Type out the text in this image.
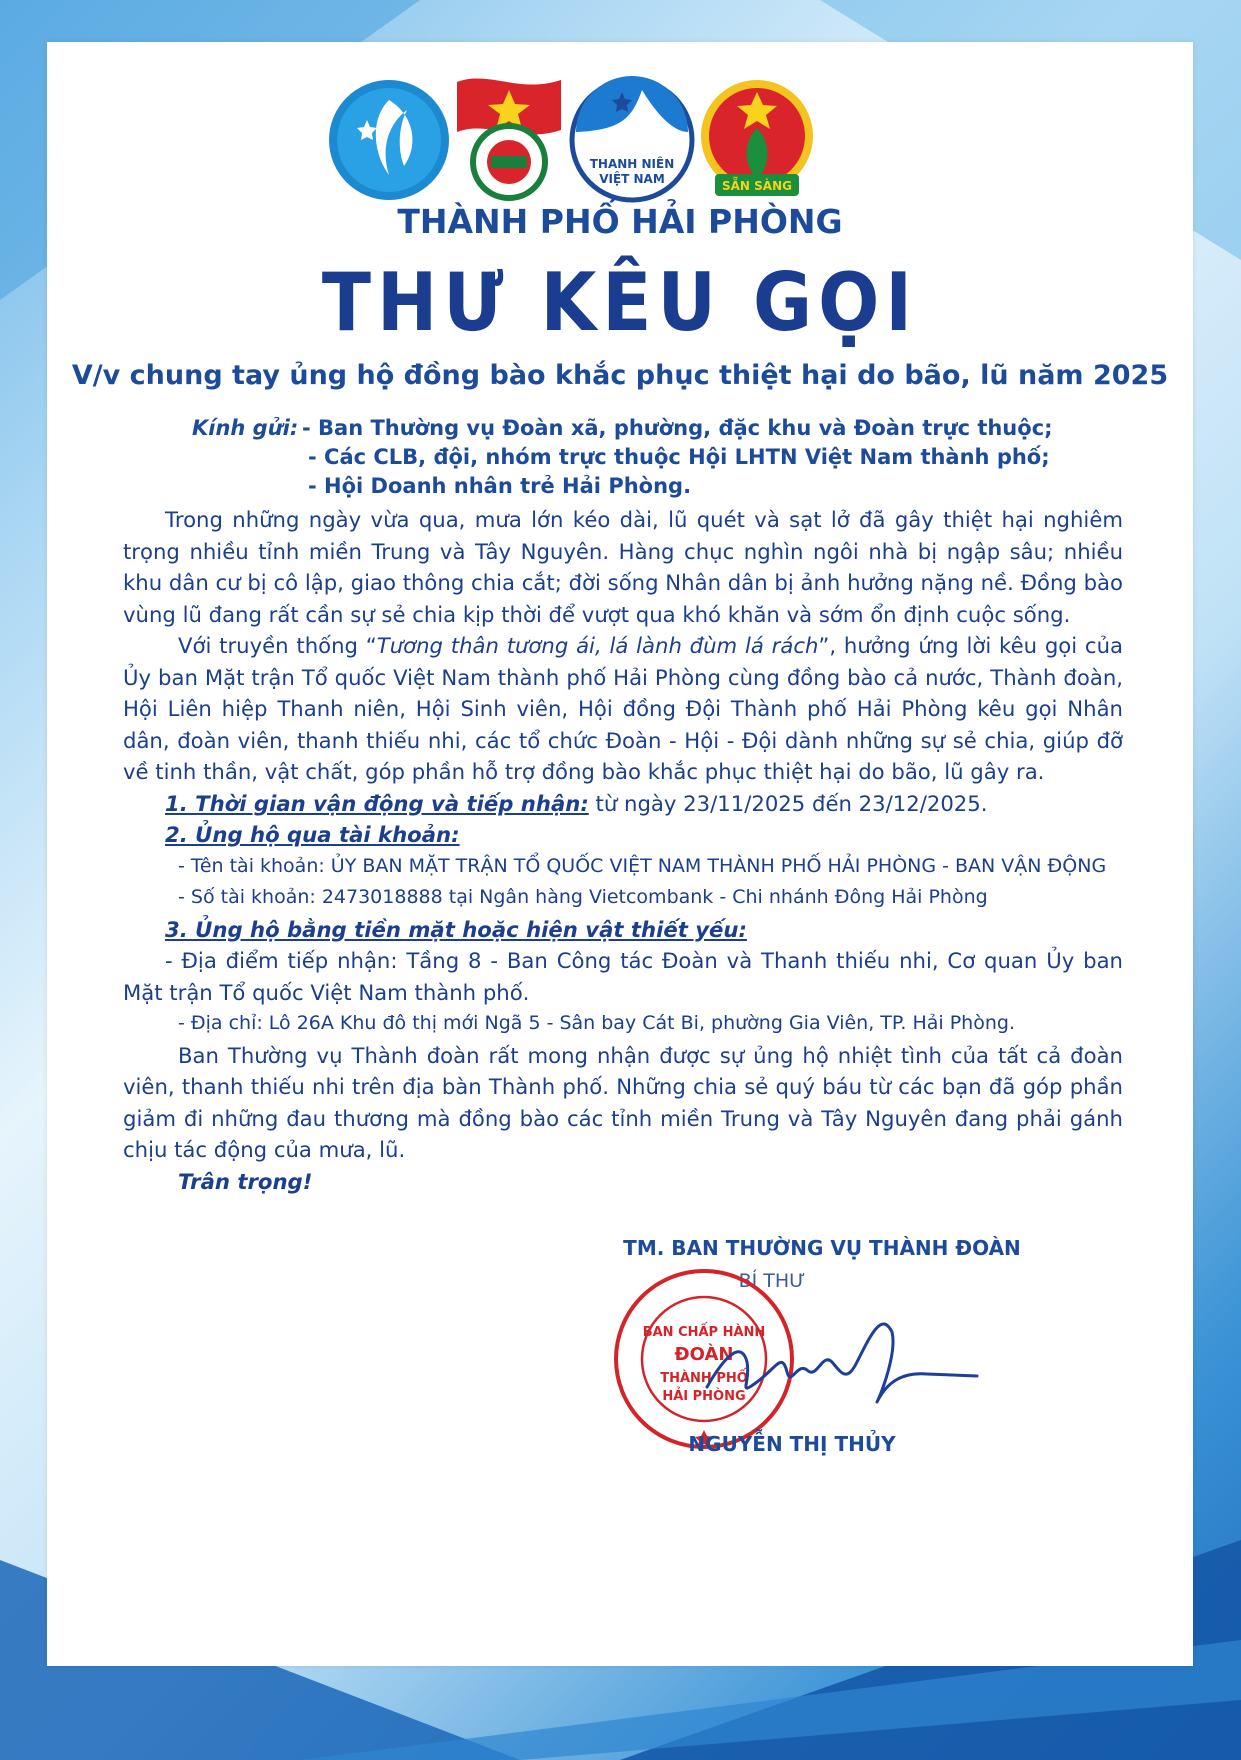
THANH NIÊN
VIỆT NAM	SẴN SÀNG
THÀNH PHỐ HẢI PHÒNG
THƯ KÊU GỌI
V/v chung tay ủng hộ đồng bào khắc phục thiệt hại do bão, lũ năm 2025
Kính gửi: - Ban Thường vụ Đoàn xã, phường, đặc khu và Đoàn trực thuộc;
- Các CLB, đội, nhóm trực thuộc Hội LHTN Việt Nam thành phố;
- Hội Doanh nhân trẻ Hải Phòng.

Trong những ngày vừa qua, mưa lớn kéo dài, lũ quét và sạt lở đã gây thiệt hại nghiêm trọng nhiều tỉnh miền Trung và Tây Nguyên. Hàng chục nghìn ngôi nhà bị ngập sâu; nhiều khu dân cư bị cô lập, giao thông chia cắt; đời sống Nhân dân bị ảnh hưởng nặng nề. Đồng bào vùng lũ đang rất cần sự sẻ chia kịp thời để vượt qua khó khăn và sớm ổn định cuộc sống.

Với truyền thống “Tương thân tương ái, lá lành đùm lá rách”, hưởng ứng lời kêu gọi của Ủy ban Mặt trận Tổ quốc Việt Nam thành phố Hải Phòng cùng đồng bào cả nước, Thành đoàn, Hội Liên hiệp Thanh niên, Hội Sinh viên, Hội đồng Đội Thành phố Hải Phòng kêu gọi Nhân dân, đoàn viên, thanh thiếu nhi, các tổ chức Đoàn - Hội - Đội dành những sự sẻ chia, giúp đỡ về tinh thần, vật chất, góp phần hỗ trợ đồng bào khắc phục thiệt hại do bão, lũ gây ra.

1. Thời gian vận động và tiếp nhận: từ ngày 23/11/2025 đến 23/12/2025.

2. Ủng hộ qua tài khoản:

- Tên tài khoản: ỦY BAN MẶT TRẬN TỔ QUỐC VIỆT NAM THÀNH PHỐ HẢI PHÒNG - BAN VẬN ĐỘNG

- Số tài khoản: 2473018888 tại Ngân hàng Vietcombank - Chi nhánh Đông Hải Phòng

3. Ủng hộ bằng tiền mặt hoặc hiện vật thiết yếu:

- Địa điểm tiếp nhận: Tầng 8 - Ban Công tác Đoàn và Thanh thiếu nhi, Cơ quan Ủy ban Mặt trận Tổ quốc Việt Nam thành phố.

- Địa chỉ: Lô 26A Khu đô thị mới Ngã 5 - Sân bay Cát Bi, phường Gia Viên, TP. Hải Phòng.

Ban Thường vụ Thành đoàn rất mong nhận được sự ủng hộ nhiệt tình của tất cả đoàn viên, thanh thiếu nhi trên địa bàn Thành phố. Những chia sẻ quý báu từ các bạn đã góp phần giảm đi những đau thương mà đồng bào các tỉnh miền Trung và Tây Nguyên đang phải gánh chịu tác động của mưa, lũ.

Trân trọng!

TM. BAN THƯỜNG VỤ THÀNH ĐOÀN
BÍ THƯ
BAN CHẤP HÀNH
ĐOÀN
THÀNH PHỐ
HẢI PHÒNG
NGUYỄN THỊ THỦY
